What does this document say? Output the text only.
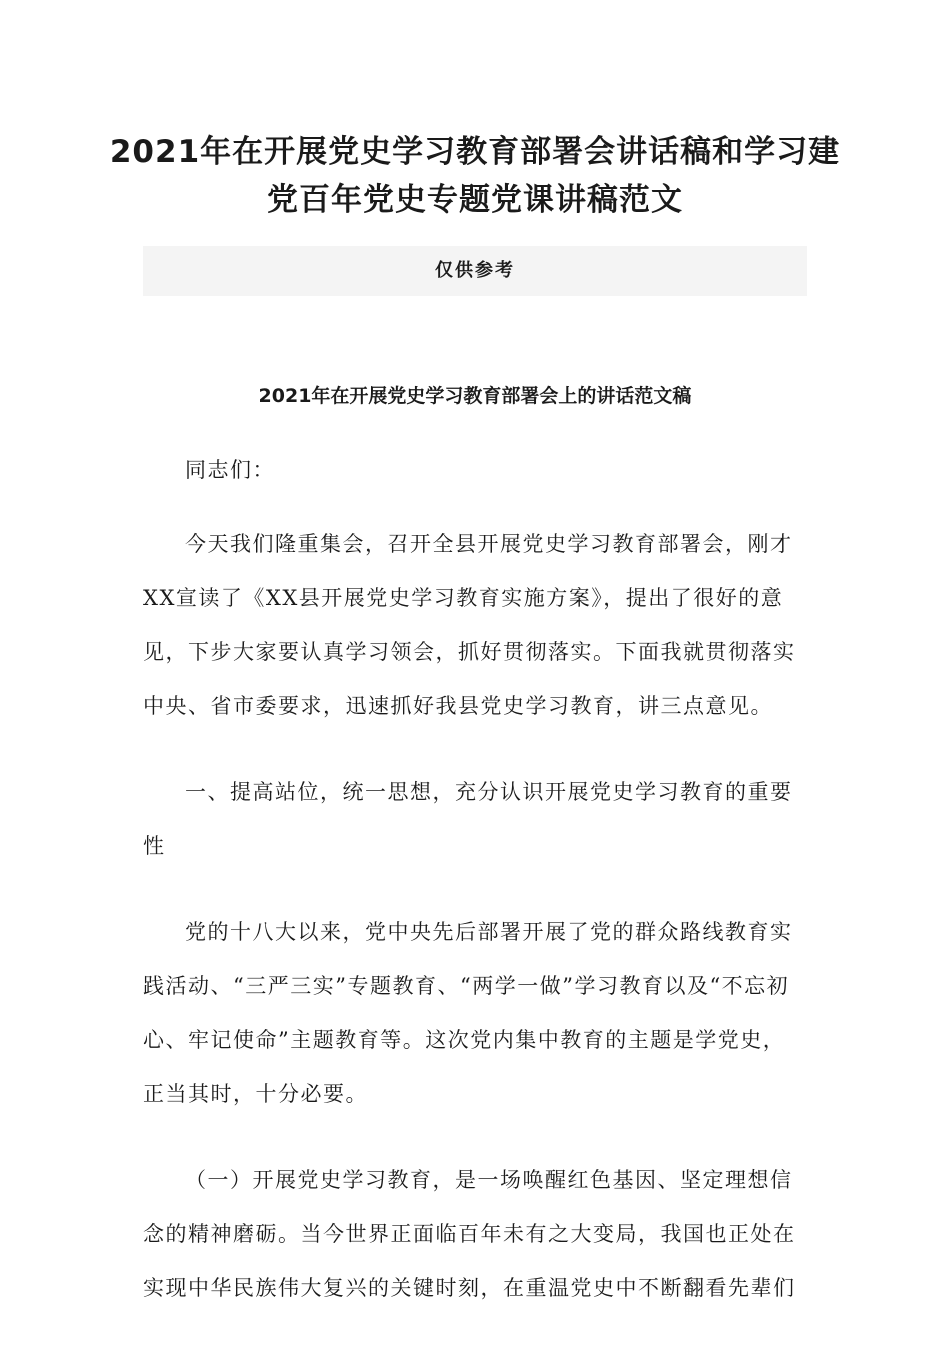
2021年在开展党史学习教育部署会讲话稿和学习建
党百年党史专题党课讲稿范文
仅供参考
2021年在开展党史学习教育部署会上的讲话范文稿

同志们：

今天我们隆重集会，召开全县开展党史学习教育部署会，刚才XX宣读了《XX县开展党史学习教育实施方案》，提出了很好的意见，下步大家要认真学习领会，抓好贯彻落实。下面我就贯彻落实中央、省市委要求，迅速抓好我县党史学习教育，讲三点意见。

一、提高站位，统一思想，充分认识开展党史学习教育的重要性

党的十八大以来，党中央先后部署开展了党的群众路线教育实践活动、“三严三实”专题教育、“两学一做”学习教育以及“不忘初心、牢记使命”主题教育等。这次党内集中教育的主题是学党史，正当其时，十分必要。

（一）开展党史学习教育，是一场唤醒红色基因、坚定理想信念的精神磨砺。当今世界正面临百年未有之大变局，我国也正处在实现中华民族伟大复兴的关键时刻，在重温党史中不断翻看先辈们
